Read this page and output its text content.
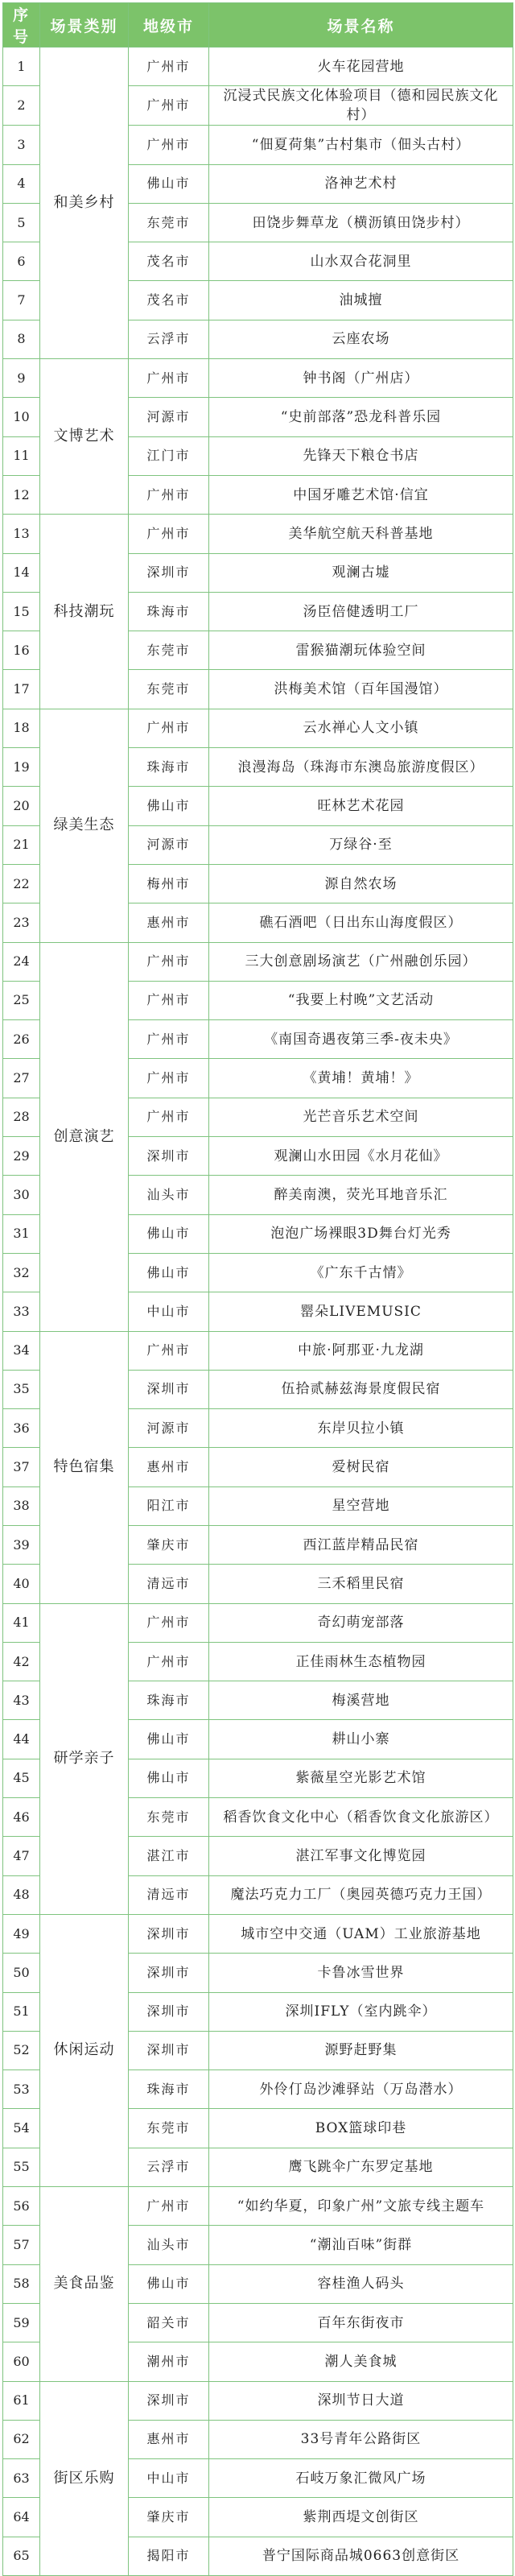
序号	场景类别	地级市	场景名称
1	和美乡村	广州市	火车花园营地
2		广州市	沉浸式民族文化体验项目（德和园民族文化村）
3		广州市	“佃夏荷集”古村集市（佃头古村）
4		佛山市	洛神艺术村
5		东莞市	田饶步舞草龙（横沥镇田饶步村）
6		茂名市	山水双合花洞里
7		茂名市	油城擅
8		云浮市	云座农场
9	文博艺术	广州市	钟书阁（广州店）
10		河源市	“史前部落”恐龙科普乐园
11		江门市	先锋天下粮仓书店
12		广州市	中国牙雕艺术馆·信宜
13	科技潮玩	广州市	美华航空航天科普基地
14		深圳市	观澜古墟
15		珠海市	汤臣倍健透明工厂
16		东莞市	雷猴猫潮玩体验空间
17		东莞市	洪梅美术馆（百年国漫馆）
18	绿美生态	广州市	云水禅心人文小镇
19		珠海市	浪漫海岛（珠海市东澳岛旅游度假区）
20		佛山市	旺林艺术花园
21		河源市	万绿谷·至
22		梅州市	源自然农场
23		惠州市	礁石酒吧（日出东山海度假区）
24	创意演艺	广州市	三大创意剧场演艺（广州融创乐园）
25		广州市	“我要上村晚”文艺活动
26		广州市	《南国奇遇夜第三季-夜未央》
27		广州市	《黄埔！黄埔！》
28		广州市	光芒音乐艺术空间
29		深圳市	观澜山水田园《水月花仙》
30		汕头市	醉美南澳，荧光耳地音乐汇
31		佛山市	泡泡广场裸眼3D舞台灯光秀
32		佛山市	《广东千古情》
33		中山市	罂朵LIVEMUSIC
34	特色宿集	广州市	中旅·阿那亚·九龙湖
35		深圳市	伍拾贰赫兹海景度假民宿
36		河源市	东岸贝拉小镇
37		惠州市	爱树民宿
38		阳江市	星空营地
39		肇庆市	西江蓝岸精品民宿
40		清远市	三禾稻里民宿
41	研学亲子	广州市	奇幻萌宠部落
42		广州市	正佳雨林生态植物园
43		珠海市	梅溪营地
44		佛山市	耕山小寨
45		佛山市	紫薇星空光影艺术馆
46		东莞市	稻香饮食文化中心（稻香饮食文化旅游区）
47		湛江市	湛江军事文化博览园
48		清远市	魔法巧克力工厂（奥园英德巧克力王国）
49	休闲运动	深圳市	城市空中交通（UAM）工业旅游基地
50		深圳市	卡鲁冰雪世界
51		深圳市	深圳IFLY（室内跳伞）
52		深圳市	源野赶野集
53		珠海市	外伶仃岛沙滩驿站（万岛潜水）
54		东莞市	BOX篮球印巷
55		云浮市	鹰飞跳伞广东罗定基地
56	美食品鉴	广州市	“如约华夏，印象广州”文旅专线主题车
57		汕头市	“潮汕百味”街群
58		佛山市	容桂渔人码头
59		韶关市	百年东街夜市
60		潮州市	潮人美食城
61	街区乐购	深圳市	深圳节日大道
62		惠州市	33号青年公路街区
63		中山市	石岐万象汇微风广场
64		肇庆市	紫荆西堤文创街区
65		揭阳市	普宁国际商品城0663创意街区
